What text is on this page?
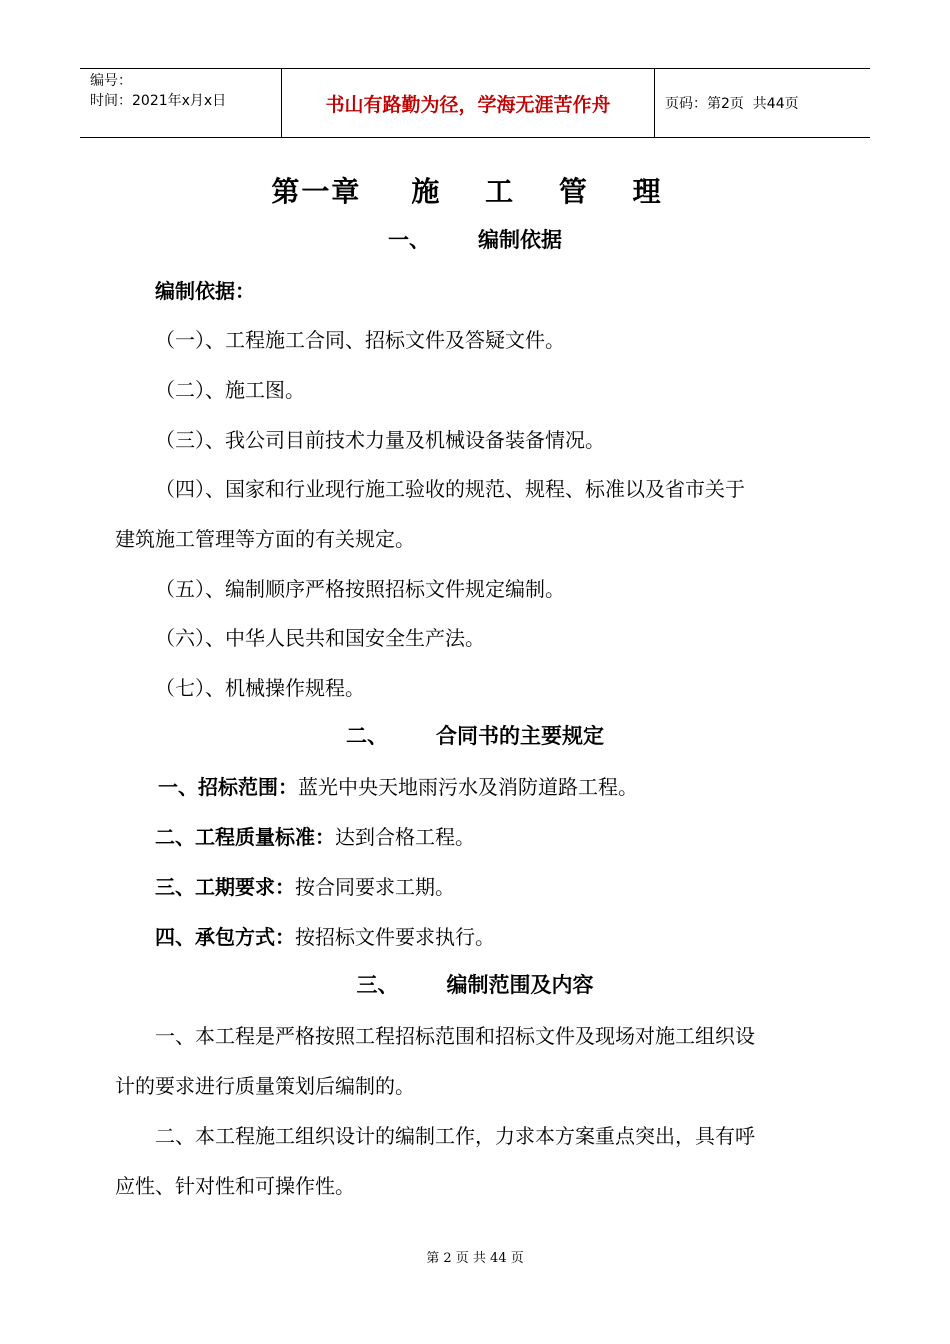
编号：
时间：2021年x月x日	书山有路勤为径，学海无涯苦作舟	页码：第2页  共44页
第一章 施 工 管 理
一、 编制依据
编制依据：
（一）、工程施工合同、招标文件及答疑文件。
（二）、施工图。
（三）、我公司目前技术力量及机械设备装备情况。
（四）、国家和行业现行施工验收的规范、规程、标准以及省市关于
建筑施工管理等方面的有关规定。
（五）、编制顺序严格按照招标文件规定编制。
（六）、中华人民共和国安全生产法。
（七）、机械操作规程。
二、 合同书的主要规定
一、招标范围：蓝光中央天地雨污水及消防道路工程。
二、工程质量标准：达到合格工程。
三、工期要求：按合同要求工期。
四、承包方式：按招标文件要求执行。
三、 编制范围及内容
一、本工程是严格按照工程招标范围和招标文件及现场对施工组织设
计的要求进行质量策划后编制的。
二、本工程施工组织设计的编制工作，力求本方案重点突出，具有呼
应性、针对性和可操作性。
第 2 页 共 44 页
